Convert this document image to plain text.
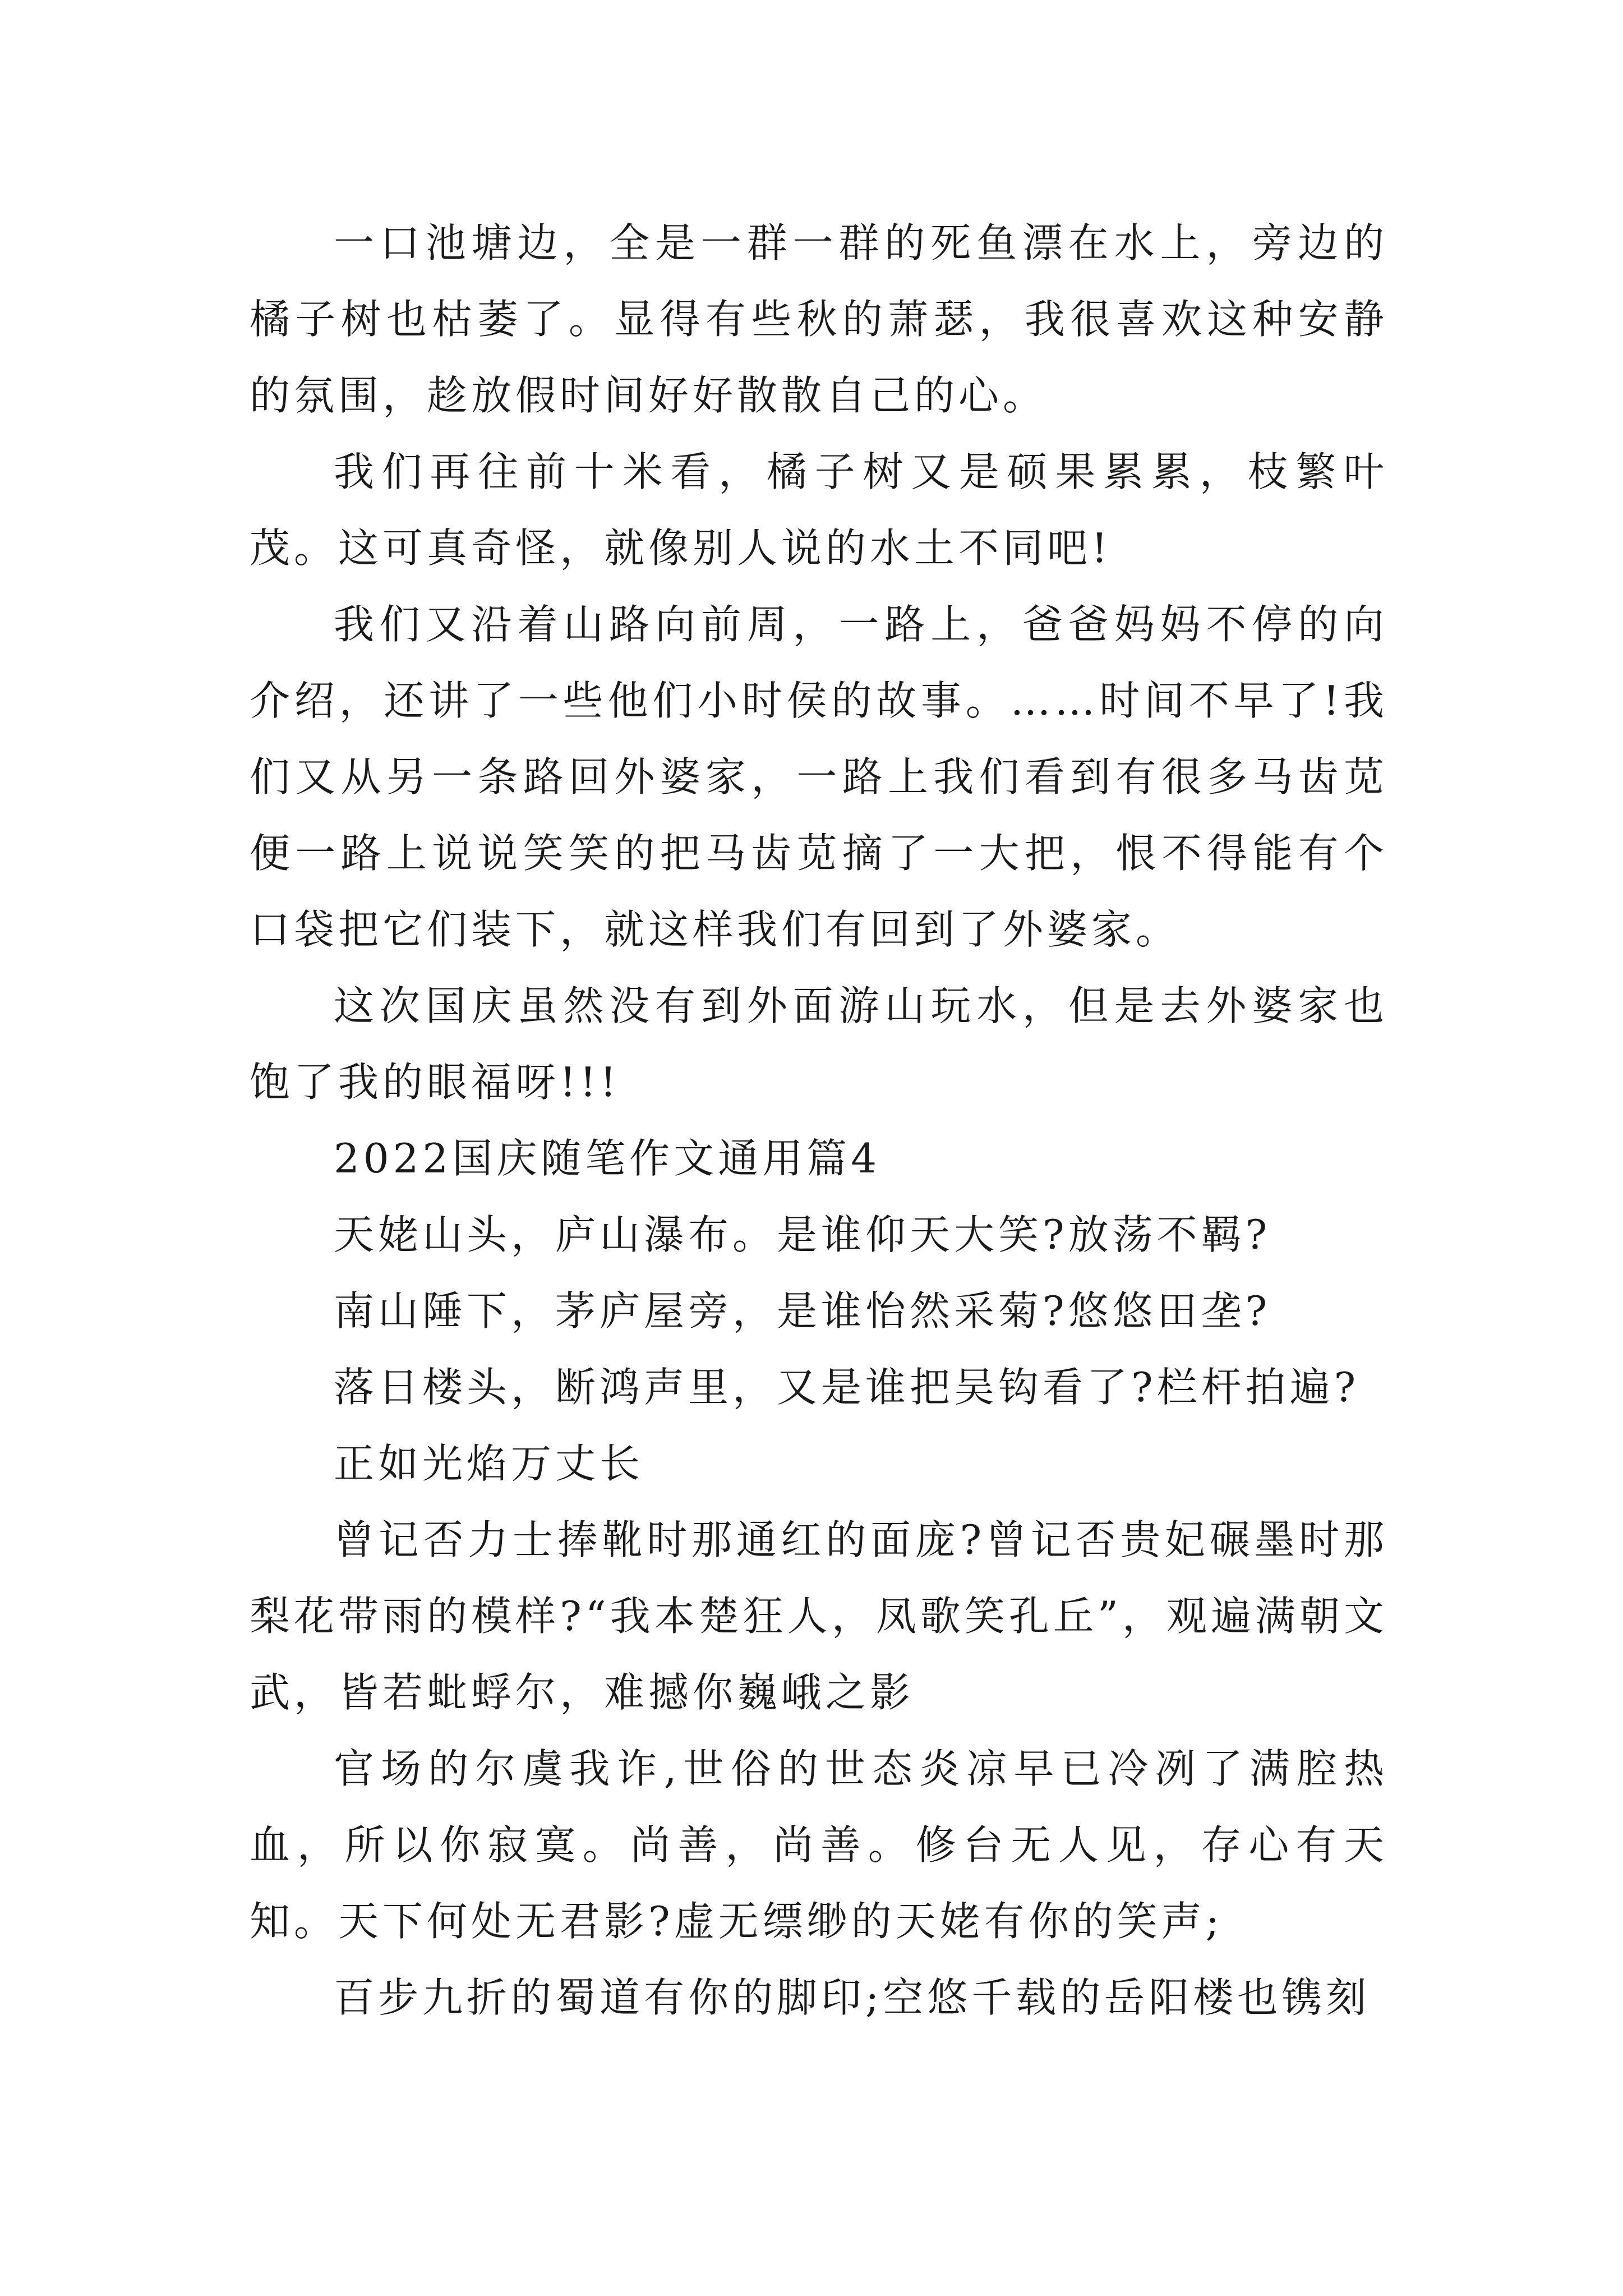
一口池塘边，全是一群一群的死鱼漂在水上，旁边的橘子树也枯萎了。显得有些秋的萧瑟，我很喜欢这种安静的氛围，趁放假时间好好散散自己的心。

我们再往前十米看，橘子树又是硕果累累，枝繁叶茂。这可真奇怪，就像别人说的水土不同吧!

我们又沿着山路向前周，一路上，爸爸妈妈不停的向介绍，还讲了一些他们小时侯的故事。……时间不早了!我们又从另一条路回外婆家，一路上我们看到有很多马齿苋便一路上说说笑笑的把马齿苋摘了一大把，恨不得能有个口袋把它们装下，就这样我们有回到了外婆家。

这次国庆虽然没有到外面游山玩水，但是去外婆家也饱了我的眼福呀!!!

2022国庆随笔作文通用篇4

天姥山头，庐山瀑布。是谁仰天大笑?放荡不羁?

南山陲下，茅庐屋旁，是谁怡然采菊?悠悠田垄?

落日楼头，断鸿声里，又是谁把吴钩看了?栏杆拍遍?

正如光焰万丈长

曾记否力士捧靴时那通红的面庞?曾记否贵妃碾墨时那梨花带雨的模样?“我本楚狂人，凤歌笑孔丘”，观遍满朝文武，皆若蚍蜉尔，难撼你巍峨之影

官场的尔虞我诈,世俗的世态炎凉早已冷冽了满腔热血，所以你寂寞。尚善，尚善。修台无人见，存心有天知。天下何处无君影?虚无缥缈的天姥有你的笑声;

百步九折的蜀道有你的脚印;空悠千载的岳阳楼也镌刻
